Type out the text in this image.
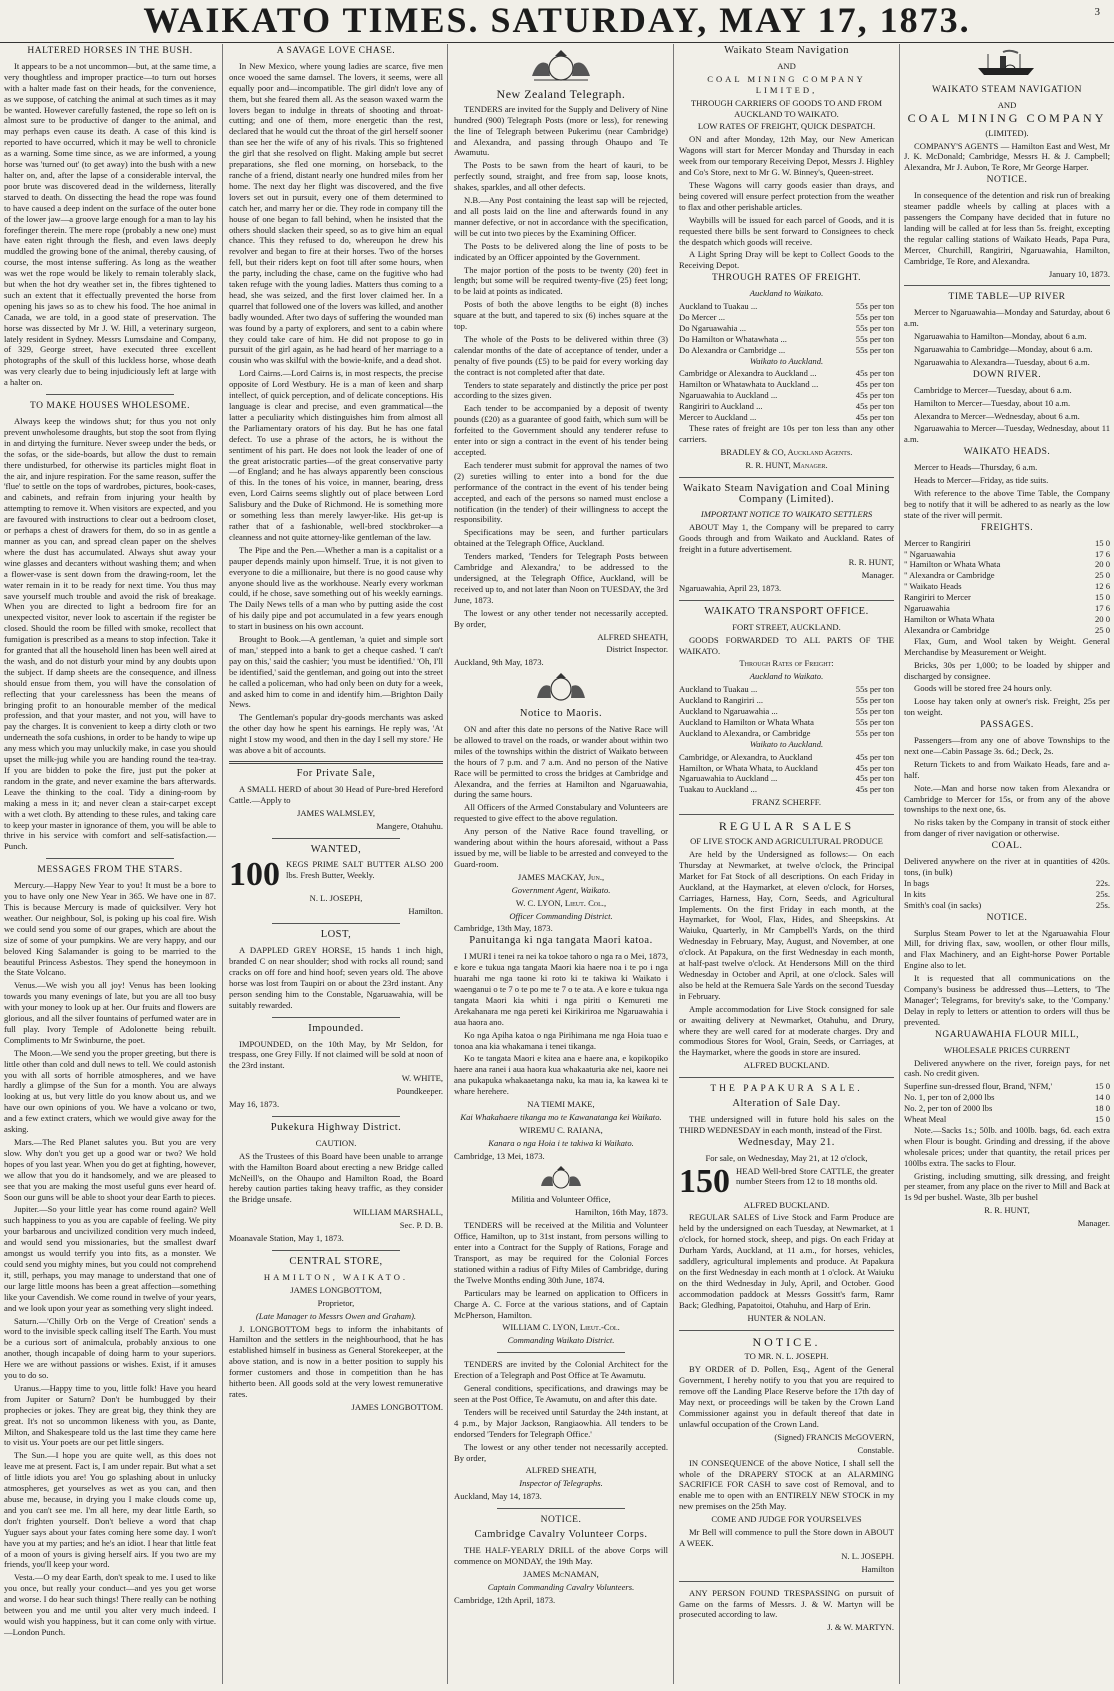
WAIKATO TIMES. SATURDAY, MAY 17, 1873.	3
HALTERED HORSES IN THE BUSH.

It appears to be a not uncommon—but, at the same time, a very thoughtless and improper practice—to turn out horses with a halter made fast on their heads, for the convenience, as we suppose, of catching the animal at such times as it may be wanted. However carefully fastened, the rope so left on is almost sure to be productive of danger to the animal, and may perhaps even cause its death. A case of this kind is reported to have occurred, which it may be well to chronicle as a warning. Some time since, as we are informed, a young horse was 'turned out' (to get away) into the bush with a new halter on, and, after the lapse of a considerable interval, the poor brute was discovered dead in the wilderness, literally starved to death. On dissecting the head the rope was found to have caused a deep indent on the surface of the outer bone of the lower jaw—a groove large enough for a man to lay his forefinger therein. The mere rope (probably a new one) must have eaten right through the flesh, and even laws deeply muddled the growing bone of the animal, thereby causing, of course, the most intense suffering. As long as the weather was wet the rope would be likely to remain tolerably slack, but when the hot dry weather set in, the fibres tightened to such an extent that it effectually prevented the horse from opening his jaws so as to chew his food. The hoe animal in Canada, we are told, in a good state of preservation. The horse was dissected by Mr J. W. Hill, a veterinary surgeon, lately resident in Sydney. Messrs Lumsdaine and Company, of 329, George street, have executed three excellent photographs of the skull of this luckless horse, whose death was very clearly due to being injudiciously left at large with a halter on.

TO MAKE HOUSES WHOLESOME.

Always keep the windows shut; for thus you not only prevent unwholesome draughts, but stop the soot from flying in and dirtying the furniture. Never sweep under the beds, or the sofas, or the side-boards, but allow the dust to remain there undisturbed, for otherwise its particles might float in the air, and injure respiration. For the same reason, suffer the 'flue' to settle on the tops of wardrobes, pictures, book-cases, and cabinets, and refrain from injuring your health by attempting to remove it. When visitors are expected, and you are favoured with instructions to clear out a bedroom closet, or perhaps a chest of drawers for them, do so in as gentle a manner as you can, and spread clean paper on the shelves where the dust has accumulated. Always shut away your wine glasses and decanters without washing them; and when a flower-vase is sent down from the drawing-room, let the water remain in it to be ready for next time. You thus may save yourself much trouble and avoid the risk of breakage. When you are directed to light a bedroom fire for an unexpected visitor, never look to ascertain if the register be closed. Should the room be filled with smoke, recollect that fumigation is prescribed as a means to stop infection. Take it for granted that all the household linen has been well aired at the wash, and do not disturb your mind by any doubts upon the subject. If damp sheets are the consequence, and illness should ensue from them, you will have the consolation of reflecting that your carelessness has been the means of bringing profit to an honourable member of the medical profession, and that your master, and not you, will have to pay the charges. It is convenient to keep a dirty cloth or two underneath the sofa cushions, in order to be handy to wipe up any mess which you may unluckily make, in case you should upset the milk-jug while you are handing round the tea-tray. If you are bidden to poke the fire, just put the poker at random in the grate, and never examine the bars afterwards. Leave the thinking to the coal. Tidy a dining-room by making a mess in it; and never clean a stair-carpet except with a wet cloth. By attending to these rules, and taking care to keep your master in ignorance of them, you will be able to thrive in his service with comfort and self-satisfaction.—Punch.

MESSAGES FROM THE STARS.

Mercury.—Happy New Year to you! It must be a bore to you to have only one New Year in 365. We have one in 87. This is because Mercury is made of quicksilver. Very hot weather. Our neighbour, Sol, is poking up his coal fire. Wish we could send you some of our grapes, which are about the size of some of your pumpkins. We are very happy, and our beloved King Salamander is going to be married to the beautiful Princess Asbestos. They spend the honeymoon in the State Volcano.

Venus.—We wish you all joy! Venus has been looking towards you many evenings of late, but you are all too busy with your money to look up at her. Our fruits and flowers are glorious, and all the silver fountains of perfumed water are in full play. Ivory Temple of Adolonette being rebuilt. Compliments to Mr Swinburne, the poet.

The Moon.—We send you the proper greeting, but there is little other than cold and dull news to tell. We could astonish you with all sorts of horrible atmospheres, and we have hardly a glimpse of the Sun for a month. You are always looking at us, but very little do you know about us, and we have our own opinions of you. We have a volcano or two, and a few extinct craters, which we would give away for the asking.

Mars.—The Red Planet salutes you. But you are very slow. Why don't you get up a good war or two? We hold hopes of you last year. When you do get at fighting, however, we allow that you do it handsomely, and we are pleased to see that you are making the most useful guns ever heard of. Soon our guns will be able to shoot your dear Earth to pieces.

Jupiter.—So your little year has come round again? Well such happiness to you as you are capable of feeling. We pity your barbarous and uncivilized condition very much indeed, and would send you missionaries, but the smallest dwarf amongst us would terrify you into fits, as a monster. We could send you mighty mines, but you could not comprehend it, still, perhaps, you may manage to understand that one of our large little moons has been a great affection—something like your Cavendish. We come round in twelve of your years, and we look upon your year as something very slight indeed.

Saturn.—'Chilly Orb on the Verge of Creation' sends a word to the invisible speck calling itself The Earth. You must be a curious sort of animalcula, probably anxious to one another, though incapable of doing harm to your superiors. Here we are without passions or wishes. Exist, if it amuses you to do so.

Uranus.—Happy time to you, little folk! Have you heard from Jupiter or Saturn? Don't be humbugged by their prophecies or jokes. They are great big, they think they are great. It's not so uncommon likeness with you, as Dante, Milton, and Shakespeare told us the last time they came here to visit us. Your poets are our pet little singers.

The Sun.—I hope you are quite well, as this does not leave me at present. Fact is, I am under repair. But what a set of little idiots you are! You go splashing about in unlucky atmospheres, get yourselves as wet as you can, and then abuse me, because, in drying you I make clouds come up, and you can't see me. I'm all here, my dear little Earth, so don't frighten yourself. Don't believe a word that chap Yuguer says about your fates coming here some day. I won't have you at my parties; and he's an idiot. I hear that little feat of a moon of yours is giving herself airs. If you two are my friends, you'll keep your word.

Vesta.—O my dear Earth, don't speak to me. I used to like you once, but really your conduct—and yes you get worse and worse. I do hear such things! There really can be nothing between you and me until you alter very much indeed. I would wish you happiness, but it can come only with virtue.—London Punch.

A SAVAGE LOVE CHASE.

In New Mexico, where young ladies are scarce, five men once wooed the same damsel. The lovers, it seems, were all equally poor and—incompatible. The girl didn't love any of them, but she feared them all. As the season waxed warm the lovers began to indulge in threats of shooting and throat-cutting; and one of them, more energetic than the rest, declared that he would cut the throat of the girl herself sooner than see her the wife of any of his rivals. This so frightened the girl that she resolved on flight. Making ample but secret preparations, she fled one morning, on horseback, to the ranche of a friend, distant nearly one hundred miles from her home. The next day her flight was discovered, and the five lovers set out in pursuit, every one of them determined to catch her, and marry her or die. They rode in company till the house of one began to fall behind, when he insisted that the others should slacken their speed, so as to give him an equal chance. This they refused to do, whereupon he drew his revolver and began to fire at their horses. Two of the horses fell, but their riders kept on foot till after some hours, when the party, including the chase, came on the fugitive who had taken refuge with the young ladies. Matters thus coming to a head, she was seized, and the first lover claimed her. In a quarrel that followed one of the lovers was killed, and another badly wounded. After two days of suffering the wounded man was found by a party of explorers, and sent to a cabin where they could take care of him. He did not propose to go in pursuit of the girl again, as he had heard of her marriage to a cousin who was skilful with the bowie-knife, and a dead shot.

Lord Cairns.—Lord Cairns is, in most respects, the precise opposite of Lord Westbury. He is a man of keen and sharp intellect, of quick perception, and of delicate conceptions. His language is clear and precise, and even grammatical—the latter a peculiarity which distinguishes him from almost all the Parliamentary orators of his day. But he has one fatal defect. To use a phrase of the actors, he is without the sentiment of his part. He does not look the leader of one of the great aristocratic parties—of the great conservative party—of England; and he has always apparently been conscious of this. In the tones of his voice, in manner, bearing, dress even, Lord Cairns seems slightly out of place between Lord Salisbury and the Duke of Richmond. He is something more or something less than merely lawyer-like. His get-up is rather that of a fashionable, well-bred stockbroker—a cleanness and not quite attorney-like gentleman of the law.

The Pipe and the Pen.—Whether a man is a capitalist or a pauper depends mainly upon himself. True, it is not given to everyone to die a millionaire, but there is no good cause why anyone should live as the workhouse. Nearly every workman could, if he chose, save something out of his weekly earnings. The Daily News tells of a man who by putting aside the cost of his daily pipe and pot accumulated in a few years enough to start in business on his own account.

Brought to Book.—A gentleman, 'a quiet and simple sort of man,' stepped into a bank to get a cheque cashed. 'I can't pay on this,' said the cashier; 'you must be identified.' 'Oh, I'll be identified,' said the gentleman, and going out into the street he called a policeman, who had only been on duty for a week, and asked him to come in and identify him.—Brighton Daily News.

The Gentleman's popular dry-goods merchants was asked the other day how he spent his earnings. He reply was, 'At night I stow my wood, and then in the day I sell my store.' He was above a bit of accounts.

For Private Sale,

A SMALL HERD of about 30 Head of Pure-bred Hereford Cattle.—Apply to

JAMES WALMSLEY,

Mangere, Otahuhu.

WANTED,
100 KEGS PRIME SALT BUTTER ALSO 200 lbs. Fresh Butter, Weekly.

N. L. JOSEPH,

Hamilton.

LOST,

A DAPPLED GREY HORSE, 15 hands 1 inch high, branded C on near shoulder; shod with rocks all round; sand cracks on off fore and hind hoof; seven years old. The above horse was lost from Taupiri on or about the 23rd instant. Any person sending him to the Constable, Ngaruawahia, will be suitably rewarded.

Impounded.

IMPOUNDED, on the 10th May, by Mr Seldon, for trespass, one Grey Filly. If not claimed will be sold at noon of the 23rd instant.

W. WHITE,

Poundkeeper.

May 16, 1873.

Pukekura Highway District.

CAUTION.

AS the Trustees of this Board have been unable to arrange with the Hamilton Board about erecting a new Bridge called McNeill's, on the Ohaupo and Hamilton Road, the Board hereby caution parties taking heavy traffic, as they consider the Bridge unsafe.

WILLIAM MARSHALL,

Sec. P. D. B.

Moanavale Station, May 1, 1873.

CENTRAL STORE,

HAMILTON, WAIKATO.

JAMES LONGBOTTOM,

Proprietor,

(Late Manager to Messrs Owen and Graham).

J. LONGBOTTOM begs to inform the inhabitants of Hamilton and the settlers in the neighbourhood, that he has established himself in business as General Storekeeper, at the above station, and is now in a better position to supply his former customers and those in competition than he has hitherto been. All goods sold at the very lowest remunerative rates.

JAMES LONGBOTTOM.

New Zealand Telegraph.

TENDERS are invited for the Supply and Delivery of Nine hundred (900) Telegraph Posts (more or less), for renewing the line of Telegraph between Pukerimu (near Cambridge) and Alexandra, and passing through Ohaupo and Te Awamutu.

The Posts to be sawn from the heart of kauri, to be perfectly sound, straight, and free from sap, loose knots, shakes, sparkles, and all other defects.

N.B.—Any Post containing the least sap will be rejected, and all posts laid on the line and afterwards found in any manner defective, or not in accordance with the specification, will be cut into two pieces by the Examining Officer.

The Posts to be delivered along the line of posts to be indicated by an Officer appointed by the Government.

The major portion of the posts to be twenty (20) feet in length; but some will be required twenty-five (25) feet long; to be laid at points as indicated.

Posts of both the above lengths to be eight (8) inches square at the butt, and tapered to six (6) inches square at the top.

The whole of the Posts to be delivered within three (3) calendar months of the date of acceptance of tender, under a penalty of five pounds (£5) to be paid for every working day the contract is not completed after that date.

Tenders to state separately and distinctly the price per post according to the sizes given.

Each tender to be accompanied by a deposit of twenty pounds (£20) as a guarantee of good faith, which sum will be forfeited to the Government should any tenderer refuse to enter into or sign a contract in the event of his tender being accepted.

Each tenderer must submit for approval the names of two (2) sureties willing to enter into a bond for the due performance of the contract in the event of his tender being accepted, and each of the persons so named must enclose a notification (in the tender) of their willingness to accept the responsibility.

Specifications may be seen, and further particulars obtained at the Telegraph Office, Auckland.

Tenders marked, 'Tenders for Telegraph Posts between Cambridge and Alexandra,' to be addressed to the undersigned, at the Telegraph Office, Auckland, will be received up to, and not later than Noon on TUESDAY, the 3rd June, 1873.

The lowest or any other tender not necessarily accepted. By order,

ALFRED SHEATH,

District Inspector.

Auckland, 9th May, 1873.

Notice to Maoris.

ON and after this date no persons of the Native Race will be allowed to travel on the roads, or wander about within two miles of the townships within the district of Waikato between the hours of 7 p.m. and 7 a.m. And no person of the Native Race will be permitted to cross the bridges at Cambridge and Alexandra, and the ferries at Hamilton and Ngaruawahia, during the same hours.

All Officers of the Armed Constabulary and Volunteers are requested to give effect to the above regulation.

Any person of the Native Race found travelling, or wandering about within the hours aforesaid, without a Pass issued by me, will be liable to be arrested and conveyed to the Guard-room.

JAMES MACKAY, Jun.,

Government Agent, Waikato.

W. C. LYON, Lieut. Col.,

Officer Commanding District.

Cambridge, 13th May, 1873.

Panuitanga ki nga tangata Maori katoa.

I MURI i tenei ra nei ka tokoe tahoro o nga ra o Mei, 1873, e kore e tukua nga tangata Maori kia haere noa i te po i nga huarahi me nga taone ki roto ki te takiwa ki Waikato i waenganui o te 7 o te po me te 7 o te ata. A e kore e tukua nga tangata Maori kia whiti i nga piriti o Kemureti me Arekahanara me nga pereti kei Kirikiriroa me Ngaruawahia i aua haora ano.

Ko nga Apiha katoa o nga Pirihimana me nga Hoia tuao e tonoa ana kia whakamana i tenei tikanga.

Ko te tangata Maori e kitea ana e haere ana, e kopikopiko haere ana ranei i aua haora kua whakaaturia ake nei, kaore nei ana pukapuka whakaaetanga naku, ka mau ia, ka kawea ki te whare herehere.

NA TIEMI MAKE,

Kai Whakahaere tikanga mo te Kawanatanga kei Waikato.

WIREMU C. RAIANA,

Kanara o nga Hoia i te takiwa ki Waikato.

Cambridge, 13 Mei, 1873.

Militia and Volunteer Office,

Hamilton, 16th May, 1873.

TENDERS will be received at the Militia and Volunteer Office, Hamilton, up to 31st instant, from persons willing to enter into a Contract for the Supply of Rations, Forage and Transport, as may be required for the Colonial Forces stationed within a radius of Fifty Miles of Cambridge, during the Twelve Months ending 30th June, 1874.

Particulars may be learned on application to Officers in Charge A. C. Force at the various stations, and of Captain McPherson, Hamilton.

WILLIAM C. LYON, Lieut.-Col.

Commanding Waikato District.

TENDERS are invited by the Colonial Architect for the Erection of a Telegraph and Post Office at Te Awamutu.

General conditions, specifications, and drawings may be seen at the Post Office, Te Awamutu, on and after this date.

Tenders will be received until Saturday the 24th instant, at 4 p.m., by Major Jackson, Rangiaowhia. All tenders to be endorsed 'Tenders for Telegraph Office.'

The lowest or any other tender not necessarily accepted. By order,

ALFRED SHEATH,

Inspector of Telegraphs.

Auckland, May 14, 1873.

NOTICE.
Cambridge Cavalry Volunteer Corps.

THE HALF-YEARLY DRILL of the above Corps will commence on MONDAY, the 19th May.

JAMES McNAMAN,

Captain Commanding Cavalry Volunteers.

Cambridge, 12th April, 1873.

Waikato Steam Navigation

AND

COAL MINING COMPANY LIMITED,

THROUGH CARRIERS OF GOODS TO AND FROM AUCKLAND TO WAIKATO.

LOW RATES OF FREIGHT, QUICK DESPATCH.

ON and after Monday, 12th May, our New American Wagons will start for Mercer Monday and Thursday in each week from our temporary Receiving Depot, Messrs J. Highley and Co's Store, next to Mr G. W. Binney's, Queen-street.

These Wagons will carry goods easier than drays, and being covered will ensure perfect protection from the weather to flax and other perishable articles.

Waybills will be issued for each parcel of Goods, and it is requested there bills be sent forward to Consignees to check the despatch which goods will receive.

A Light Spring Dray will be kept to Collect Goods to the Receiving Depot.

THROUGH RATES OF FREIGHT.

Auckland to Waikato.

Auckland to Tuakau ...	55s per ton
Do Mercer ...	55s per ton
Do Ngaruawahia ...	55s per ton
Do Hamilton or Whatawhata ...	55s per ton
Do Alexandra or Cambridge ...	55s per ton

Waikato to Auckland.

Cambridge or Alexandra to Auckland ...	45s per ton
Hamilton or Whatawhata to Auckland ...	45s per ton
Ngaruawahia to Auckland ...	45s per ton
Rangiriri to Auckland ...	45s per ton
Mercer to Auckland ...	45s per ton

These rates of freight are 10s per ton less than any other carriers.

BRADLEY & CO, Auckland Agents.

R. R. HUNT, Manager.

Waikato Steam Navigation and Coal Mining Company (Limited).

IMPORTANT NOTICE TO WAIKATO SETTLERS

ABOUT May 1, the Company will be prepared to carry Goods through and from Waikato and Auckland. Rates of freight in a future advertisement.

R. R. HUNT,

Manager.

Ngaruawahia, April 23, 1873.

WAIKATO TRANSPORT OFFICE.

FORT STREET, AUCKLAND.

GOODS FORWARDED TO ALL PARTS OF THE WAIKATO.

Through Rates of Freight:

Auckland to Waikato.

Auckland to Tuakau ...	55s per ton
Auckland to Rangiriri ...	55s per ton
Auckland to Ngaruawahia ...	55s per ton
Auckland to Hamilton or Whata Whata	55s per ton
Auckland to Alexandra, or Cambridge	55s per ton

Waikato to Auckland.

Cambridge, or Alexandra, to Auckland	45s per ton
Hamilton, or Whata Whata, to Auckland	45s per ton
Ngaruawahia to Auckland ...	45s per ton
Tuakau to Auckland ...	45s per ton

FRANZ SCHERFF.

REGULAR SALES

OF LIVE STOCK AND AGRICULTURAL PRODUCE

Are held by the Undersigned as follows:— On each Thursday at Newmarket, at twelve o'clock, the Principal Market for Fat Stock of all descriptions. On each Friday in Auckland, at the Haymarket, at eleven o'clock, for Horses, Carriages, Harness, Hay, Corn, Seeds, and Agricultural Implements. On the first Friday in each month, at the Haymarket, for Wool, Flax, Hides, and Sheepskins. At Waiuku, Quarterly, in Mr Campbell's Yards, on the third Wednesday in February, May, August, and November, at one o'clock. At Papakura, on the first Wednesday in each month, at half-past twelve o'clock. At Hendersons Mill on the third Wednesday in October and April, at one o'clock. Sales will also be held at the Remuera Sale Yards on the second Tuesday in February.

Ample accommodation for Live Stock consigned for sale or awaiting delivery at Newmarket, Otahuhu, and Drury, where they are well cared for at moderate charges. Dry and commodious Stores for Wool, Grain, Seeds, or Carriages, at the Haymarket, where the goods in store are insured.

ALFRED BUCKLAND.

THE PAPAKURA SALE.
Alteration of Sale Day.

THE undersigned will in future hold his sales on the THIRD WEDNESDAY in each month, instead of the First.

Wednesday, May 21.

For sale, on Wednesday, May 21, at 12 o'clock,

150 HEAD Well-bred Store CATTLE, the greater number Steers from 12 to 18 months old.

ALFRED BUCKLAND.

REGULAR SALES of Live Stock and Farm Produce are held by the undersigned on each Tuesday, at Newmarket, at 1 o'clock, for horned stock, sheep, and pigs. On each Friday at Durham Yards, Auckland, at 11 a.m., for horses, vehicles, saddlery, agricultural implements and produce. At Papakura on the first Wednesday in each month at 1 o'clock. At Waiuku on the third Wednesday in July, April, and October. Good accommodation paddock at Messrs Gossitt's farm, Ramr Back; Gledhing, Papatoitoi, Otahuhu, and Harp of Erin.

HUNTER & NOLAN.

NOTICE.

TO MR. N. L. JOSEPH.

BY ORDER of D. Pollen, Esq., Agent of the General Government, I hereby notify to you that you are required to remove off the Landing Place Reserve before the 17th day of May next, or proceedings will be taken by the Crown Land Commissioner against you in default thereof that date in unlawful occupation of the Crown Land.

(Signed) FRANCIS McGOVERN,

Constable.

IN CONSEQUENCE of the above Notice, I shall sell the whole of the DRAPERY STOCK at an ALARMING SACRIFICE FOR CASH to save cost of Removal, and to enable me to open with an ENTIRELY NEW STOCK in my new premises on the 25th May.

COME AND JUDGE FOR YOURSELVES

Mr Bell will commence to pull the Store down in ABOUT A WEEK.

N. L. JOSEPH.

Hamilton

ANY PERSON FOUND TRESPASSING on pursuit of Game on the farms of Messrs. J. & W. Martyn will be prosecuted according to law.

J. & W. MARTYN.

WAIKATO STEAM NAVIGATION

AND

COAL MINING COMPANY

(LIMITED).

COMPANY'S AGENTS — Hamilton East and West, Mr J. K. McDonald; Cambridge, Messrs H. & J. Campbell; Alexandra, Mr J. Aubon, Te Rore, Mr George Harper.

NOTICE.

In consequence of the detention and risk run of breaking steamer paddle wheels by calling at places with a passengers the Company have decided that in future no landing will be called at for less than 5s. freight, excepting the regular calling stations of Waikato Heads, Papa Pura, Mercer, Churchill, Rangiriri, Ngaruawahia, Hamilton, Cambridge, Te Rore, and Alexandra.

January 10, 1873.

TIME TABLE—UP RIVER

Mercer to Ngaruawahia—Monday and Saturday, about 6 a.m.

Ngaruawahia to Hamilton—Monday, about 6 a.m.

Ngaruawahia to Cambridge—Monday, about 6 a.m.

Ngaruawahia to Alexandra—Tuesday, about 6 a.m.

DOWN RIVER.

Cambridge to Mercer—Tuesday, about 6 a.m.

Hamilton to Mercer—Tuesday, about 10 a.m.

Alexandra to Mercer—Wednesday, about 6 a.m.

Ngaruawahia to Mercer—Tuesday, Wednesday, about 11 a.m.

WAIKATO HEADS.

Mercer to Heads—Thursday, 6 a.m.

Heads to Mercer—Friday, as tide suits.

With reference to the above Time Table, the Company beg to notify that it will be adhered to as nearly as the low state of the river will permit.

FREIGHTS.
Mercer to Rangiriri	15 0
" Ngaruawahia	17 6
" Hamilton or Whata Whata	20 0
" Alexandra or Cambridge	25 0
" Waikato Heads	12 6
Rangiriri to Mercer	15 0
Ngaruawahia	17 6
Hamilton or Whata Whata	20 0
Alexandra or Cambridge	25 0

Flax, Gum, and Wool taken by Weight. General Merchandise by Measurement or Weight.

Bricks, 30s per 1,000; to be loaded by shipper and discharged by consignee.

Goods will be stored free 24 hours only.

Loose hay taken only at owner's risk. Freight, 25s per ton weight.

PASSAGES.

Passengers—from any one of above Townships to the next one—Cabin Passage 3s. 6d.; Deck, 2s.

Return Tickets to and from Waikato Heads, fare and a-half.

Note.—Man and horse now taken from Alexandra or Cambridge to Mercer for 15s, or from any of the above townships to the next one, 6s.

No risks taken by the Company in transit of stock either from danger of river navigation or otherwise.

COAL.
Delivered anywhere on the river at in quantities of 4 tons, (in bulk)
20s.
In bags	22s.
In kits	25s.
Smith's coal (in sacks)	25s.
NOTICE.

Surplus Steam Power to let at the Ngaruawahia Flour Mill, for driving flax, saw, woollen, or other flour mills, and Flax Machinery, and an Eight-horse Power Portable Engine also to let.

It is requested that all communications on the Company's business be addressed thus—Letters, to 'The Manager'; Telegrams, for brevity's sake, to the 'Company.' Delay in reply to letters or attention to orders will thus be prevented.

NGARUAWAHIA FLOUR MILL,

WHOLESALE PRICES CURRENT

Delivered anywhere on the river, foreign pays, for net cash. No credit given.

Superfine sun-dressed flour, Brand, 'NFM,'	15 0
No. 1, per ton of 2,000 lbs	14 0
No. 2, per ton of 2000 lbs	18 0
Wheat Meal	15 0

Note.—Sacks 1s.; 50lb. and 100lb. bags, 6d. each extra when Flour is bought. Grinding and dressing, if the above wholesale prices; under that quantity, the retail prices per 100lbs extra. The sacks to Flour.

Gristing, including smutting, silk dressing, and freight per steamer, from any place on the river to Mill and Back at 1s 9d per bushel. Waste, 3lb per bushel

R. R. HUNT,

Manager.
